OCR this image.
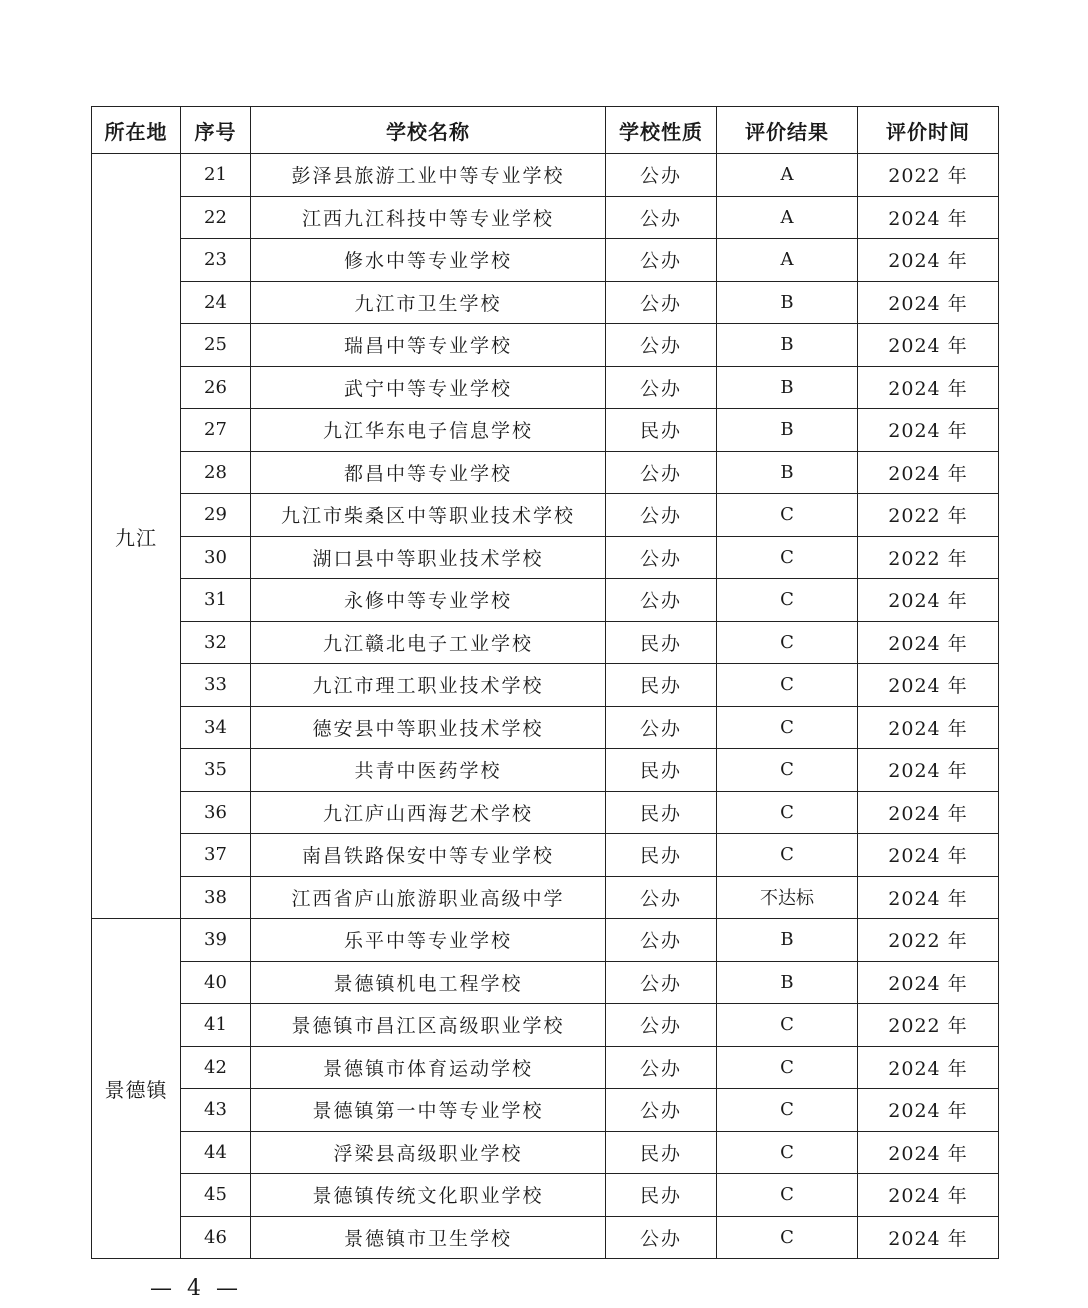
所在地	序号	学校名称	学校性质	评价结果	评价时间
九江	21	彭泽县旅游工业中等专业学校	公办	A	2022 年
	22	江西九江科技中等专业学校	公办	A	2024 年
	23	修水中等专业学校	公办	A	2024 年
	24	九江市卫生学校	公办	B	2024 年
	25	瑞昌中等专业学校	公办	B	2024 年
	26	武宁中等专业学校	公办	B	2024 年
	27	九江华东电子信息学校	民办	B	2024 年
	28	都昌中等专业学校	公办	B	2024 年
	29	九江市柴桑区中等职业技术学校	公办	C	2022 年
	30	湖口县中等职业技术学校	公办	C	2022 年
	31	永修中等专业学校	公办	C	2024 年
	32	九江赣北电子工业学校	民办	C	2024 年
	33	九江市理工职业技术学校	民办	C	2024 年
	34	德安县中等职业技术学校	公办	C	2024 年
	35	共青中医药学校	民办	C	2024 年
	36	九江庐山西海艺术学校	民办	C	2024 年
	37	南昌铁路保安中等专业学校	民办	C	2024 年
	38	江西省庐山旅游职业高级中学	公办	不达标	2024 年
景德镇	39	乐平中等专业学校	公办	B	2022 年
	40	景德镇机电工程学校	公办	B	2024 年
	41	景德镇市昌江区高级职业学校	公办	C	2022 年
	42	景德镇市体育运动学校	公办	C	2024 年
	43	景德镇第一中等专业学校	公办	C	2024 年
	44	浮梁县高级职业学校	民办	C	2024 年
	45	景德镇传统文化职业学校	民办	C	2024 年
	46	景德镇市卫生学校	公办	C	2024 年
— 4 —
